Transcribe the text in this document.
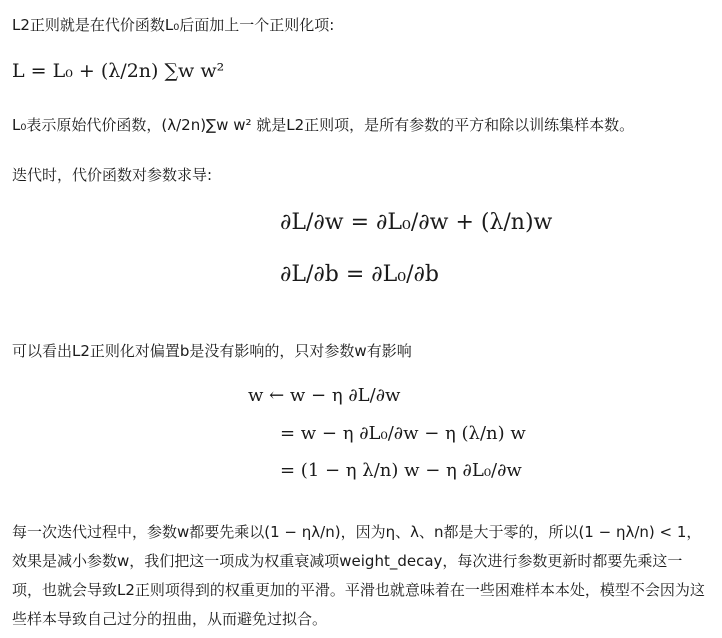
L2正则就是在代价函数L₀后面加上一个正则化项:
L = L₀ + (λ/2n) ∑w w²
L₀表示原始代价函数，(λ/2n)∑w w² 就是L2正则项，是所有参数的平方和除以训练集样本数。
迭代时，代价函数对参数求导:
∂L/∂w = ∂L₀/∂w + (λ/n)w
∂L/∂b = ∂L₀/∂b
可以看出L2正则化对偏置b是没有影响的，只对参数w有影响
w ← w − η ∂L/∂w
= w − η ∂L₀/∂w − η (λ/n) w
= (1 − η λ/n) w − η ∂L₀/∂w
每一次迭代过程中，参数w都要先乘以(1 − ηλ/n)，因为η、λ、n都是大于零的，所以(1 − ηλ/n) < 1，效果是减小参数w，我们把这一项成为权重衰减项weight_decay，每次进行参数更新时都要先乘这一项，也就会导致L2正则项得到的权重更加的平滑。平滑也就意味着在一些困难样本本处，模型不会因为这些样本导致自己过分的扭曲，从而避免过拟合。
